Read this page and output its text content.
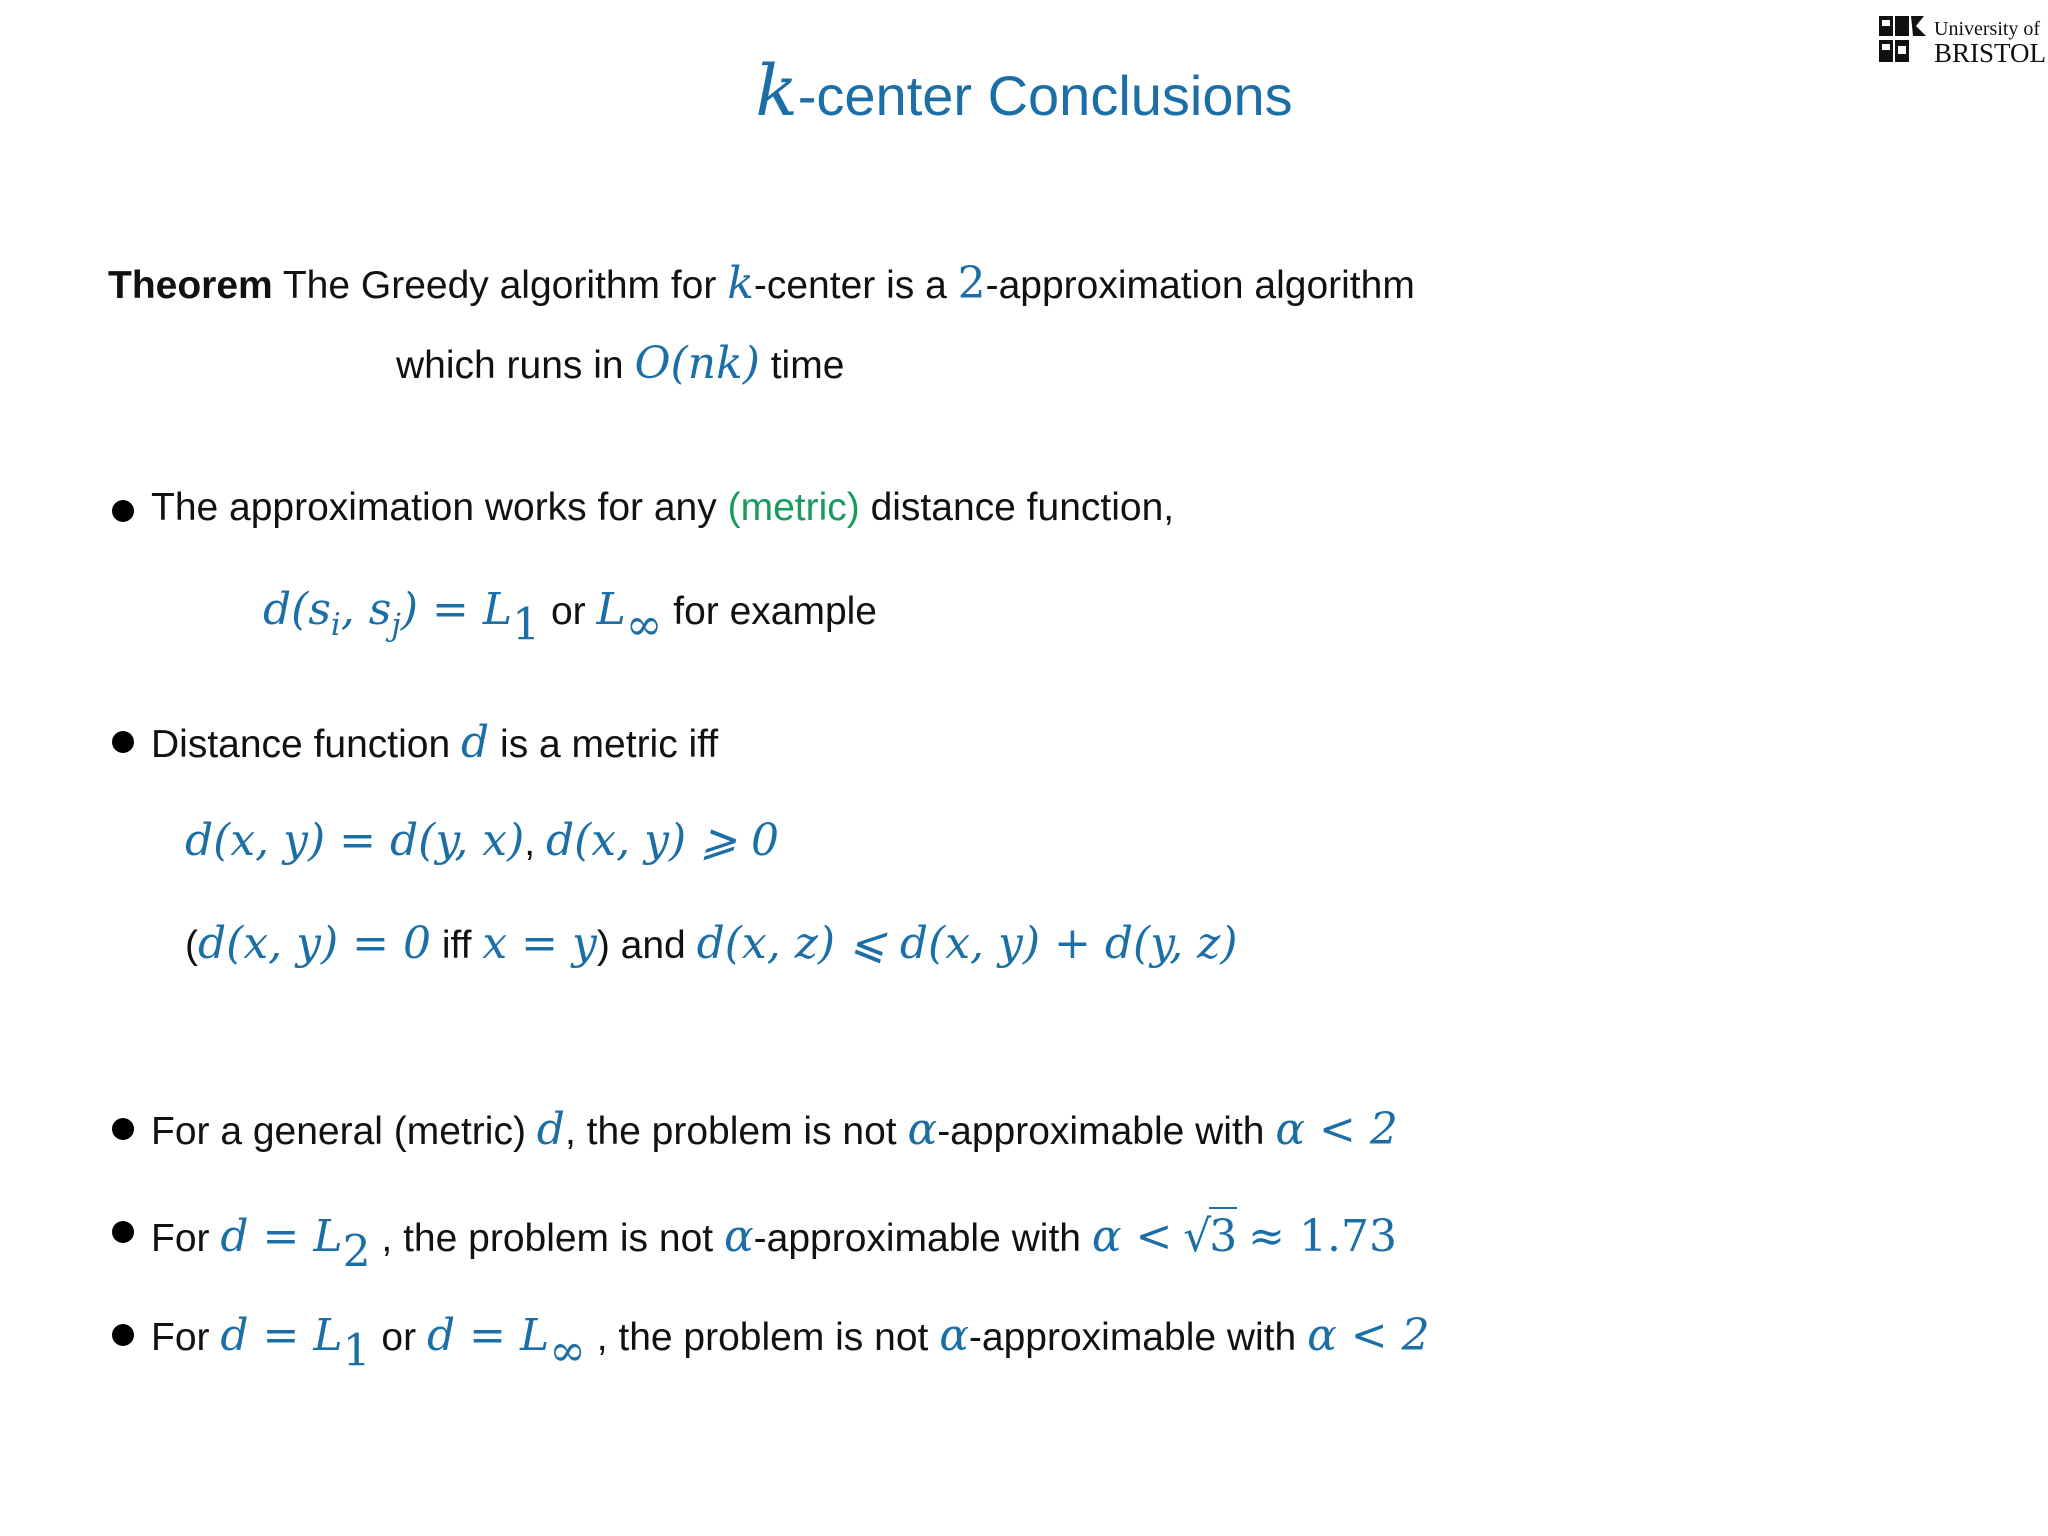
University of
BRISTOL
k-center Conclusions
Theorem The Greedy algorithm for k-center is a 2-approximation algorithm
which runs in O(nk) time
The approximation works for any (metric) distance function,
$d(s_i$, $s_j) = L_1$ or $L_\infty$ for example
Distance function d is a metric iff
d(x, y) = d(y, x), d(x, y) ⩾ 0
(d(x, y) = 0 iff x = y) and d(x, z) ⩽ d(x, y) + d(y, z)
For a general (metric) d, the problem is not α-approximable with α < 2
For $d = L_2$ , the problem is not α-approximable with α < √3 ≈ 1.73
For $d = L_1$ or $d = L_\infty$ , the problem is not α-approximable with α < 2
